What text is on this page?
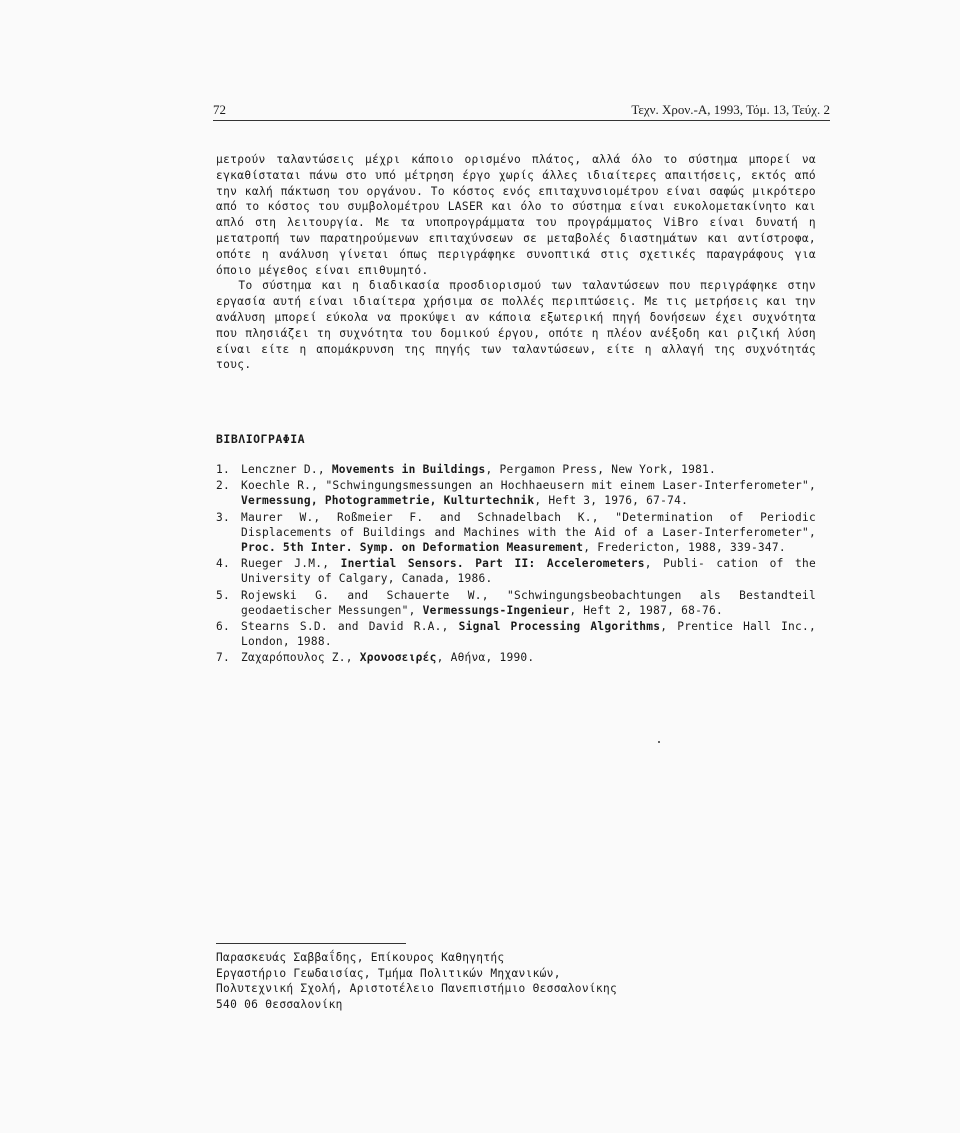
72	Τεχν. Χρον.-Α, 1993, Τόμ. 13, Τεύχ. 2

μετρούν ταλαντώσεις μέχρι κάποιο ορισμένο πλάτος, αλλά όλο το σύστημα μπορεί να εγκαθίσταται πάνω στο υπό μέτρηση έργο χωρίς άλλες ιδιαίτερες απαιτήσεις, εκτός από την καλή πάκτωση του οργάνου. Το κόστος ενός επιταχυνσιομέτρου είναι σαφώς μικρότερο από το κόστος του συμβολομέτρου LASER και όλο το σύστημα είναι ευκολομετακίνητο και απλό στη λειτουργία. Με τα υποπρογράμματα του προγράμματος ViBro είναι δυνατή η μετατροπή των παρατηρούμενων επιταχύνσεων σε μεταβολές διαστημάτων και αντίστροφα, οπότε η ανάλυση γίνεται όπως περιγράφηκε συνοπτικά στις σχετικές παραγράφους για όποιο μέγεθος είναι επιθυμητό.

Το σύστημα και η διαδικασία προσδιορισμού των ταλαντώσεων που περιγράφηκε στην εργασία αυτή είναι ιδιαίτερα χρήσιμα σε πολλές περιπτώσεις. Με τις μετρήσεις και την ανάλυση μπορεί εύκολα να προκύψει αν κάποια εξωτερική πηγή δονήσεων έχει συχνότητα που πλησιάζει τη συχνότητα του δομικού έργου, οπότε η πλέον ανέξοδη και ριζική λύση είναι είτε η απομάκρυνση της πηγής των ταλαντώσεων, είτε η αλλαγή της συχνότητάς τους.

ΒΙΒΛΙΟΓΡΑΦΙΑ
1. Lenczner D., Movements in Buildings, Pergamon Press, New York, 1981.
2. Koechle R., "Schwingungsmessungen an Hochhaeusern mit einem Laser-Interferometer", Vermessung, Photogrammetrie, Kulturtechnik, Heft 3, 1976, 67-74.
3. Maurer W., Roßmeier F. and Schnadelbach K., "Determination of Periodic Displacements of Buildings and Machines with the Aid of a Laser-Interferometer", Proc. 5th Inter. Symp. on Deformation Measurement, Fredericton, 1988, 339-347.
4. Rueger J.M., Inertial Sensors. Part II: Accelerometers, Publi- cation of the University of Calgary, Canada, 1986.
5. Rojewski G. and Schauerte W., "Schwingungsbeobachtungen als Bestandteil geodaetischer Messungen", Vermessungs-Ingenieur, Heft 2, 1987, 68-76.
6. Stearns S.D. and David R.A., Signal Processing Algorithms, Prentice Hall Inc., London, 1988.
7. Ζαχαρόπουλος Ζ., Χρονοσειρές, Αθήνα, 1990.
Παρασκευάς Σαββαΐδης, Επίκουρος Καθηγητής
Εργαστήριο Γεωδαισίας, Τμήμα Πολιτικών Μηχανικών,
Πολυτεχνική Σχολή, Αριστοτέλειο Πανεπιστήμιο Θεσσαλονίκης
540 06 Θεσσαλονίκη
